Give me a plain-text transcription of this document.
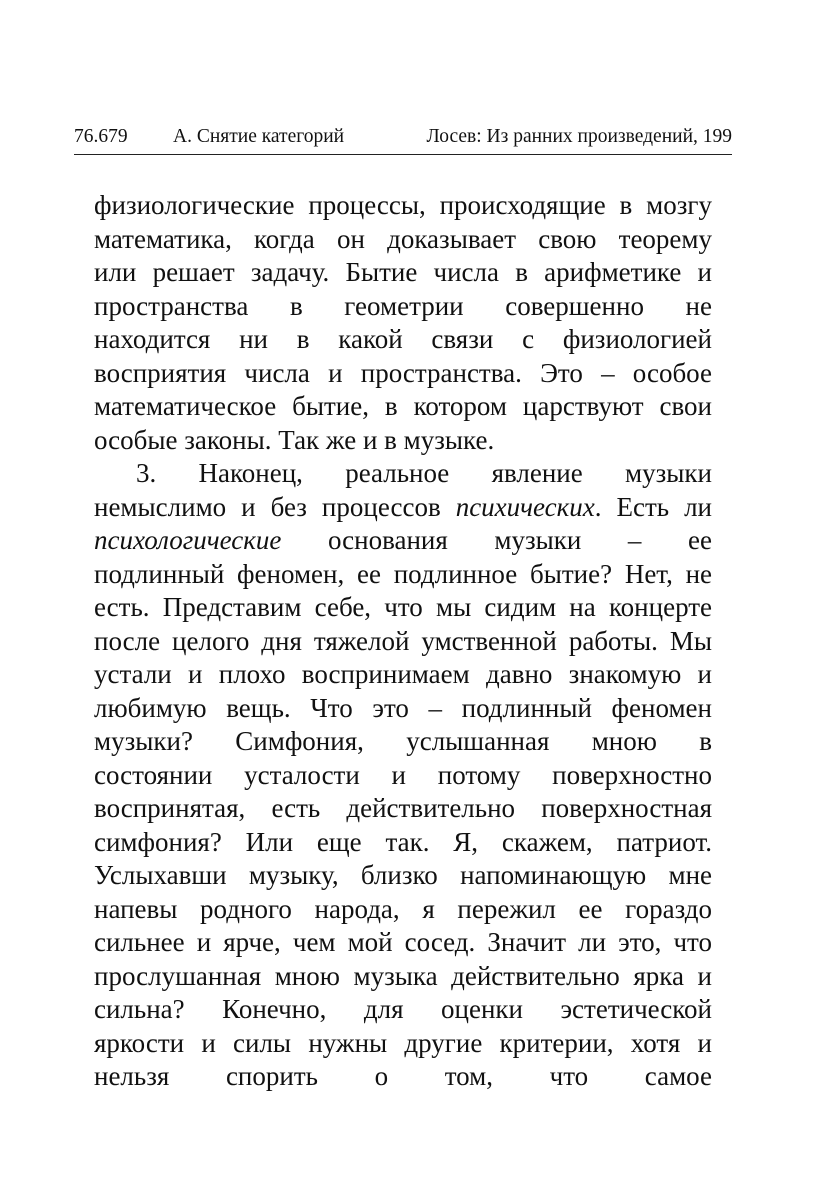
76.679 А. Снятие категорий	Лосев: Из ранних произведений, 199
физиологические процессы, происходящие в мозгу
математика, когда он доказывает свою теорему
или решает задачу. Бытие числа в арифметике и
пространства в геометрии совершенно не
находится ни в какой связи с физиологией
восприятия числа и пространства. Это – особое
математическое бытие, в котором царствуют свои
особые законы. Так же и в музыке.
3. Наконец, реальное явление музыки
немыслимо и без процессов психических. Есть ли
психологические основания музыки – ее
подлинный феномен, ее подлинное бытие? Нет, не
есть. Представим себе, что мы сидим на концерте
после целого дня тяжелой умственной работы. Мы
устали и плохо воспринимаем давно знакомую и
любимую вещь. Что это – подлинный феномен
музыки? Симфония, услышанная мною в
состоянии усталости и потому поверхностно
воспринятая, есть действительно поверхностная
симфония? Или еще так. Я, скажем, патриот.
Услыхавши музыку, близко напоминающую мне
напевы родного народа, я пережил ее гораздо
сильнее и ярче, чем мой сосед. Значит ли это, что
прослушанная мною музыка действительно ярка и
сильна? Конечно, для оценки эстетической
яркости и силы нужны другие критерии, хотя и
нельзя спорить о том, что самое
